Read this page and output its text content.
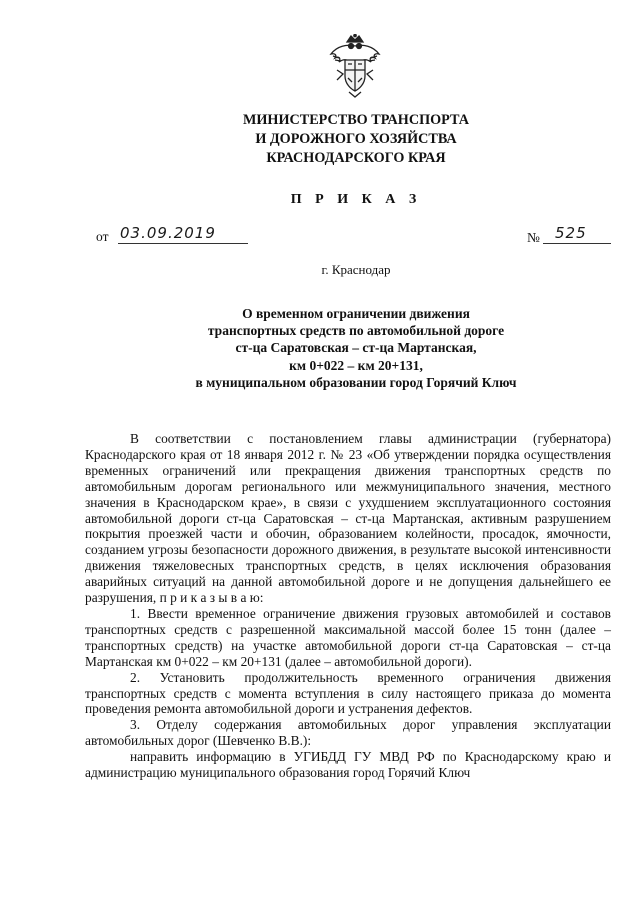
МИНИСТЕРСТВО ТРАНСПОРТА
И ДОРОЖНОГО ХОЗЯЙСТВА
КРАСНОДАРСКОГО КРАЯ
П Р И К А З
от 03.09.2019	№ 525
г. Краснодар
О временном ограничении движения
транспортных средств по автомобильной дороге
ст-ца Саратовская – ст-ца Мартанская,
км 0+022 – км 20+131,
в муниципальном образовании город Горячий Ключ

В соответствии с постановлением главы администрации (губернатора) Краснодарского края от 18 января 2012 г. № 23 «Об утверждении порядка осуществления временных ограничений или прекращения движения транспортных средств по автомобильным дорогам регионального или межмуниципального значения, местного значения в Краснодарском крае», в связи с ухудшением эксплуатационного состояния автомобильной дороги ст-ца Саратовская – ст-ца Мартанская, активным разрушением покрытия проезжей части и обочин, образованием колейности, просадок, ямочности, созданием угрозы безопасности дорожного движения, в результате высокой интенсивности движения тяжеловесных транспортных средств, в целях исключения образования аварийных ситуаций на данной автомобильной дороге и не допущения дальнейшего ее разрушения, п р и к а з ы в а ю:

1. Ввести временное ограничение движения грузовых автомобилей и составов транспортных средств с разрешенной максимальной массой более 15 тонн (далее – транспортных средств) на участке автомобильной дороги ст-ца Саратовская – ст-ца Мартанская км 0+022 – км 20+131 (далее – автомобильной дороги).

2. Установить продолжительность временного ограничения движения транспортных средств с момента вступления в силу настоящего приказа до момента проведения ремонта автомобильной дороги и устранения дефектов.

3. Отделу содержания автомобильных дорог управления эксплуатации автомобильных дорог (Шевченко В.В.):

направить информацию в УГИБДД ГУ МВД РФ по Краснодарскому краю и администрацию муниципального образования город Горячий Ключ
